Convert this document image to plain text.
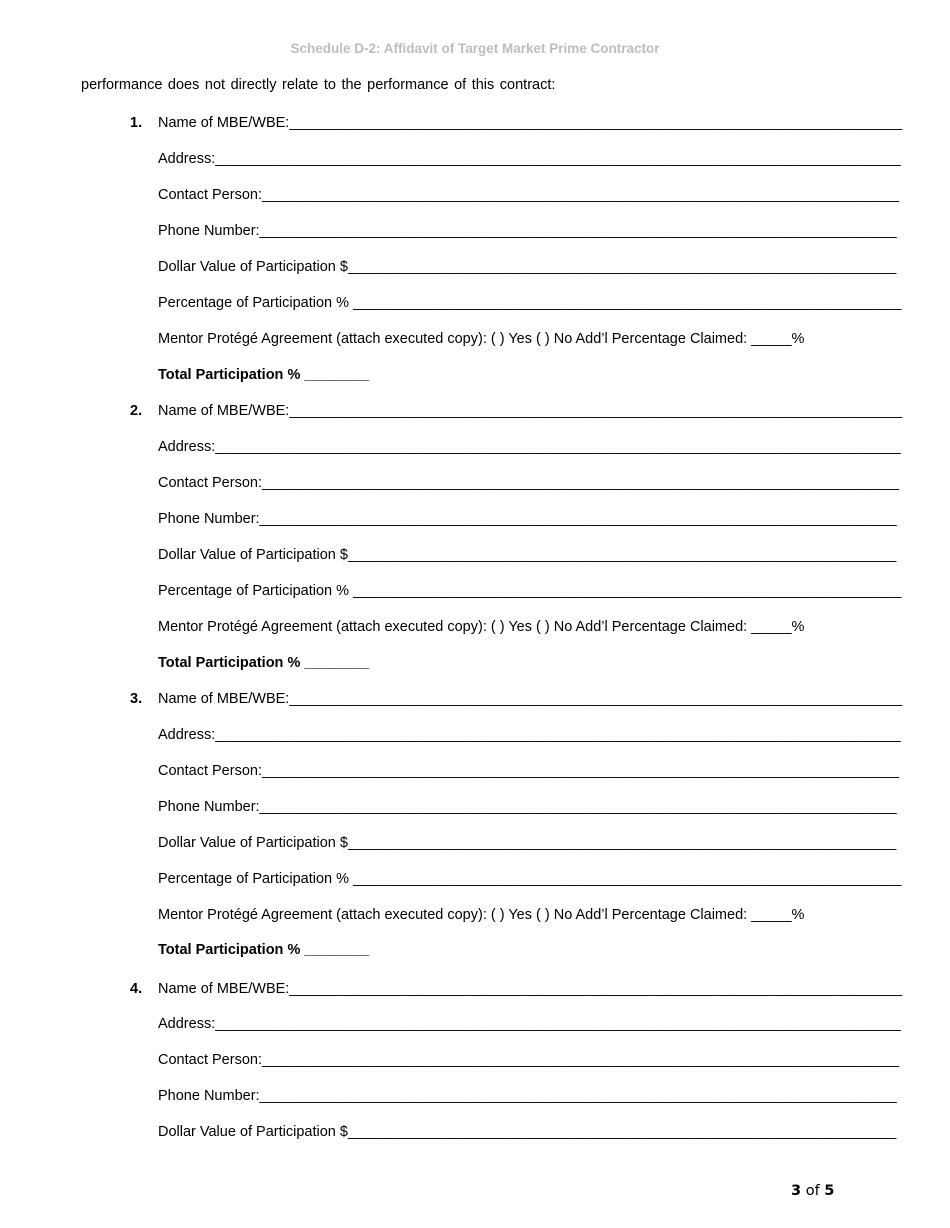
Schedule D-2: Affidavit of Target Market Prime Contractor
performance does not directly relate to the performance of this contract:
1. Name of MBE/WBE:____________________________________________________________________________
Address:_____________________________________________________________________________________
Contact Person:_______________________________________________________________________________
Phone Number:_______________________________________________________________________________
Dollar Value of Participation $____________________________________________________________________
Percentage of Participation % ____________________________________________________________________
Mentor Protégé Agreement (attach executed copy): ( ) Yes ( ) No Add’l Percentage Claimed: _____%
Total Participation % ________
2. Name of MBE/WBE:____________________________________________________________________________
Address:_____________________________________________________________________________________
Contact Person:_______________________________________________________________________________
Phone Number:_______________________________________________________________________________
Dollar Value of Participation $____________________________________________________________________
Percentage of Participation % ____________________________________________________________________
Mentor Protégé Agreement (attach executed copy): ( ) Yes ( ) No Add’l Percentage Claimed: _____%
Total Participation % ________
3. Name of MBE/WBE:____________________________________________________________________________
Address:_____________________________________________________________________________________
Contact Person:_______________________________________________________________________________
Phone Number:_______________________________________________________________________________
Dollar Value of Participation $____________________________________________________________________
Percentage of Participation % ____________________________________________________________________
Mentor Protégé Agreement (attach executed copy): ( ) Yes ( ) No Add’l Percentage Claimed: _____%
Total Participation % ________
4. Name of MBE/WBE:____________________________________________________________________________
Address:_____________________________________________________________________________________
Contact Person:_______________________________________________________________________________
Phone Number:_______________________________________________________________________________
Dollar Value of Participation $____________________________________________________________________
3 of 5
